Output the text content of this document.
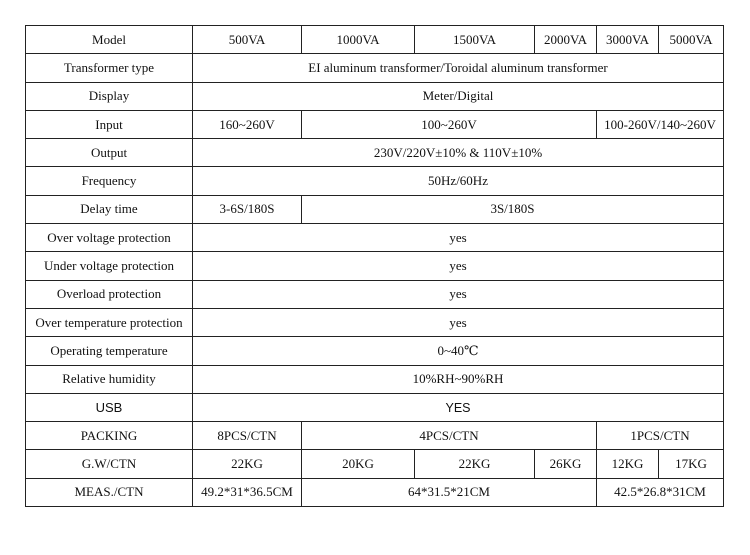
Model	500VA	1000VA	1500VA	2000VA	3000VA	5000VA
Transformer type	EI aluminum transformer/Toroidal aluminum transformer					
Display	Meter/Digital					
Input	160~260V	100~260V			100-260V/140~260V	
Output	230V/220V±10% & 110V±10%					
Frequency	50Hz/60Hz					
Delay time	3-6S/180S	3S/180S				
Over voltage protection	yes					
Under voltage protection	yes					
Overload protection	yes					
Over temperature protection	yes					
Operating temperature	0~40℃					
Relative humidity	10%RH~90%RH					
USB	YES					
PACKING	8PCS/CTN	4PCS/CTN			1PCS/CTN	
G.W/CTN	22KG	20KG	22KG	26KG	12KG	17KG
MEAS./CTN	49.2*31*36.5CM	64*31.5*21CM			42.5*26.8*31CM	
